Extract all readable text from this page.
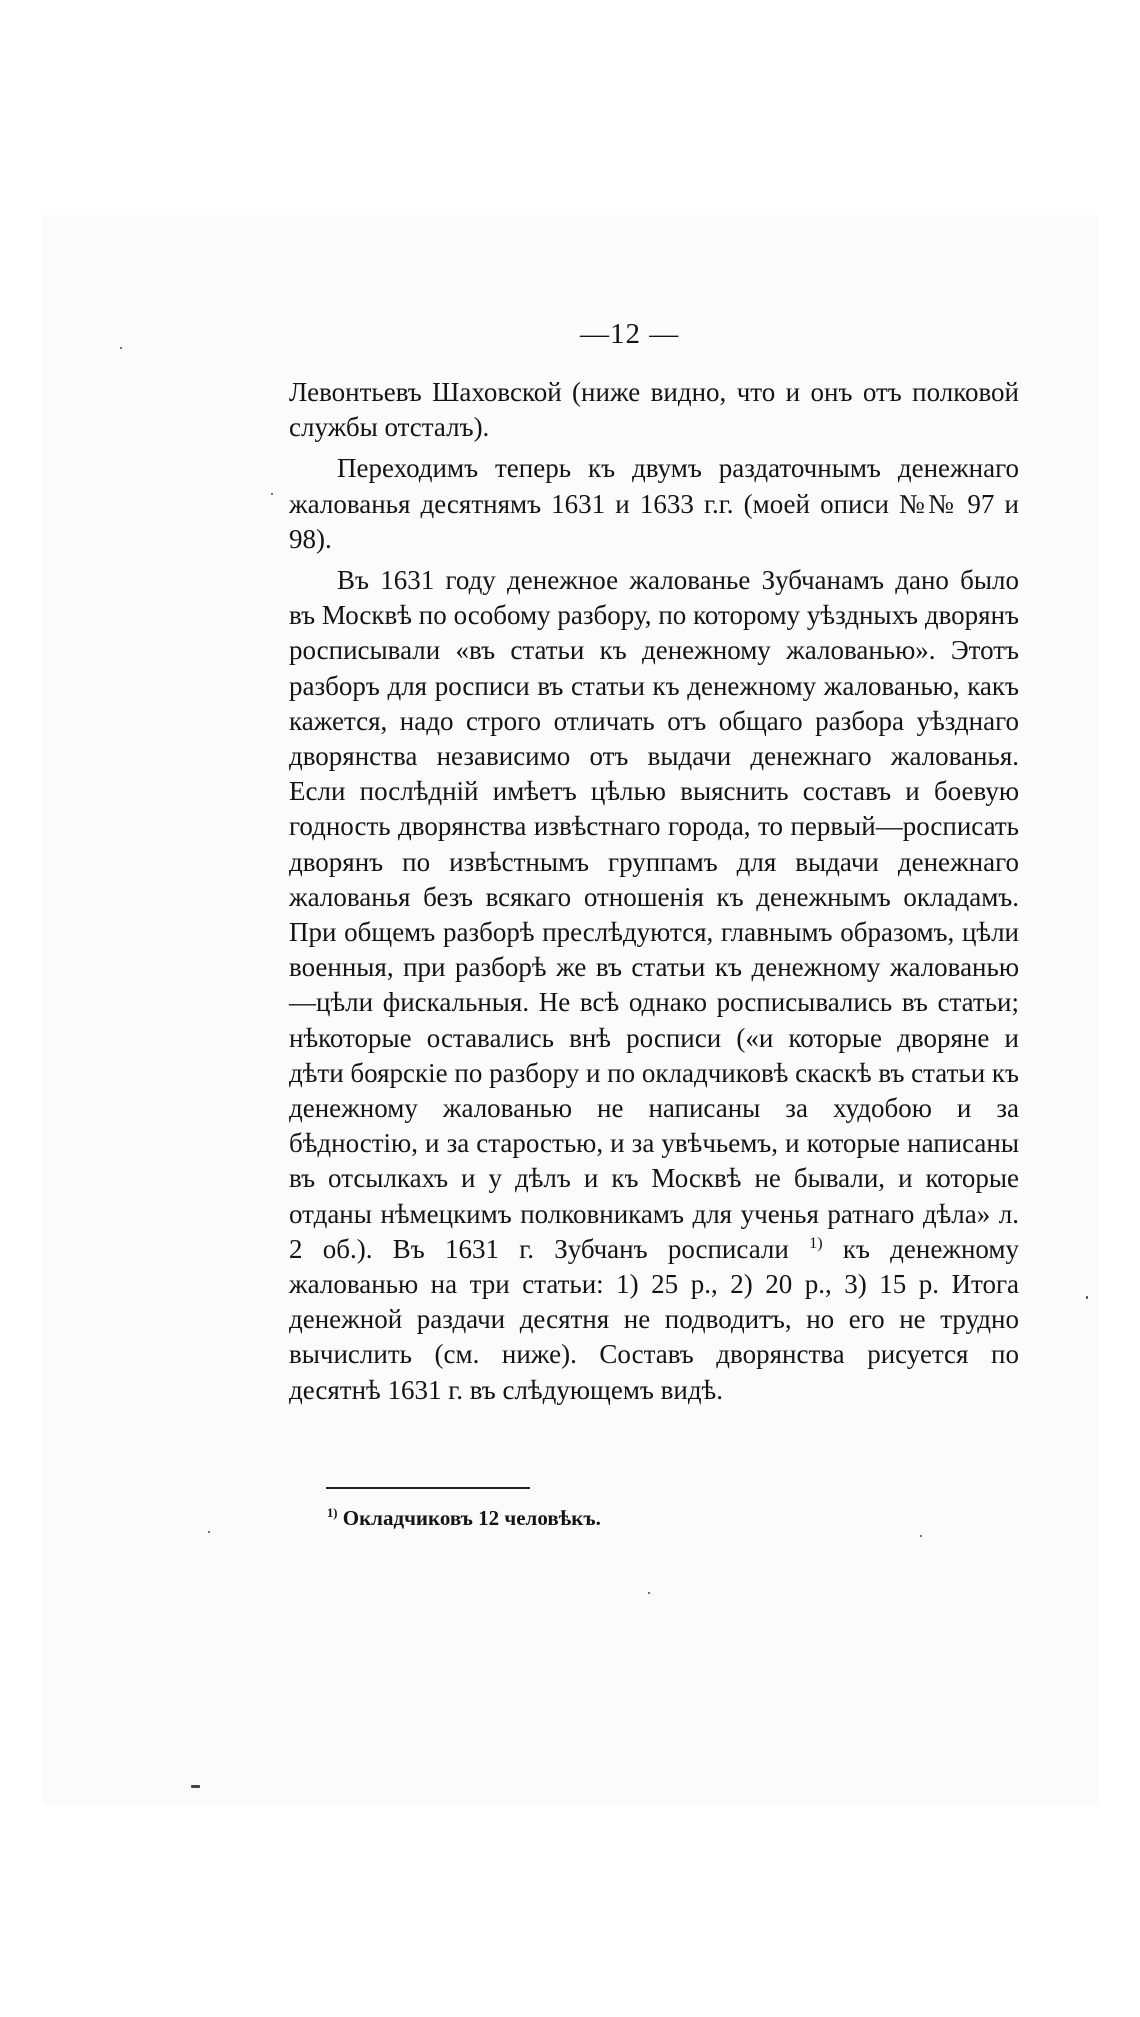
—12 —

Левонтьевъ Шаховской (ниже видно, что и онъ отъ полковой службы отсталъ).

Переходимъ теперь къ двумъ раздаточнымъ денежнаго жалованья десятнямъ 1631 и 1633 г.г. (моей описи №№ 97 и 98).

Въ 1631 году денежное жалованье Зубчанамъ дано было въ Москвѣ по особому разбору, по которому уѣздныхъ дворянъ росписывали «въ статьи къ денежному жалованью». Этотъ разборъ для росписи въ статьи къ денежному жалованью, какъ кажется, надо строго отличать отъ общаго разбора уѣзднаго дворянства независимо отъ выдачи денежнаго жалованья. Если послѣдній имѣетъ цѣлью выяснить составъ и боевую годность дворянства извѣстнаго города, то первый—росписать дворянъ по извѣстнымъ группамъ для выдачи денежнаго жалованья безъ всякаго отношенія къ денежнымъ окладамъ. При общемъ разборѣ преслѣдуются, главнымъ образомъ, цѣли военныя, при разборѣ же въ статьи къ денежному жалованью—цѣли фискальныя. Не всѣ однако росписывались въ статьи; нѣкоторые оставались внѣ росписи («и которые дворяне и дѣти боярскіе по разбору и по окладчиковѣ скаскѣ въ статьи къ денежному жалованью не написаны за худобою и за бѣдностію, и за старостью, и за увѣчьемъ, и которые написаны въ отсылкахъ и у дѣлъ и къ Москвѣ не бывали, и которые отданы нѣмецкимъ полковникамъ для ученья ратнаго дѣла» л. 2 об.). Въ 1631 г. Зубчанъ росписали $^{1)}$ къ денежному жалованью на три статьи: 1) 25 р., 2) 20 р., 3) 15 р. Итога денежной раздачи десятня не подводитъ, но его не трудно вычислить (см. ниже). Составъ дворянства рисуется по десятнѣ 1631 г. въ слѣдующемъ видѣ.

$^{1)}$ Окладчиковъ 12 человѣкъ.
